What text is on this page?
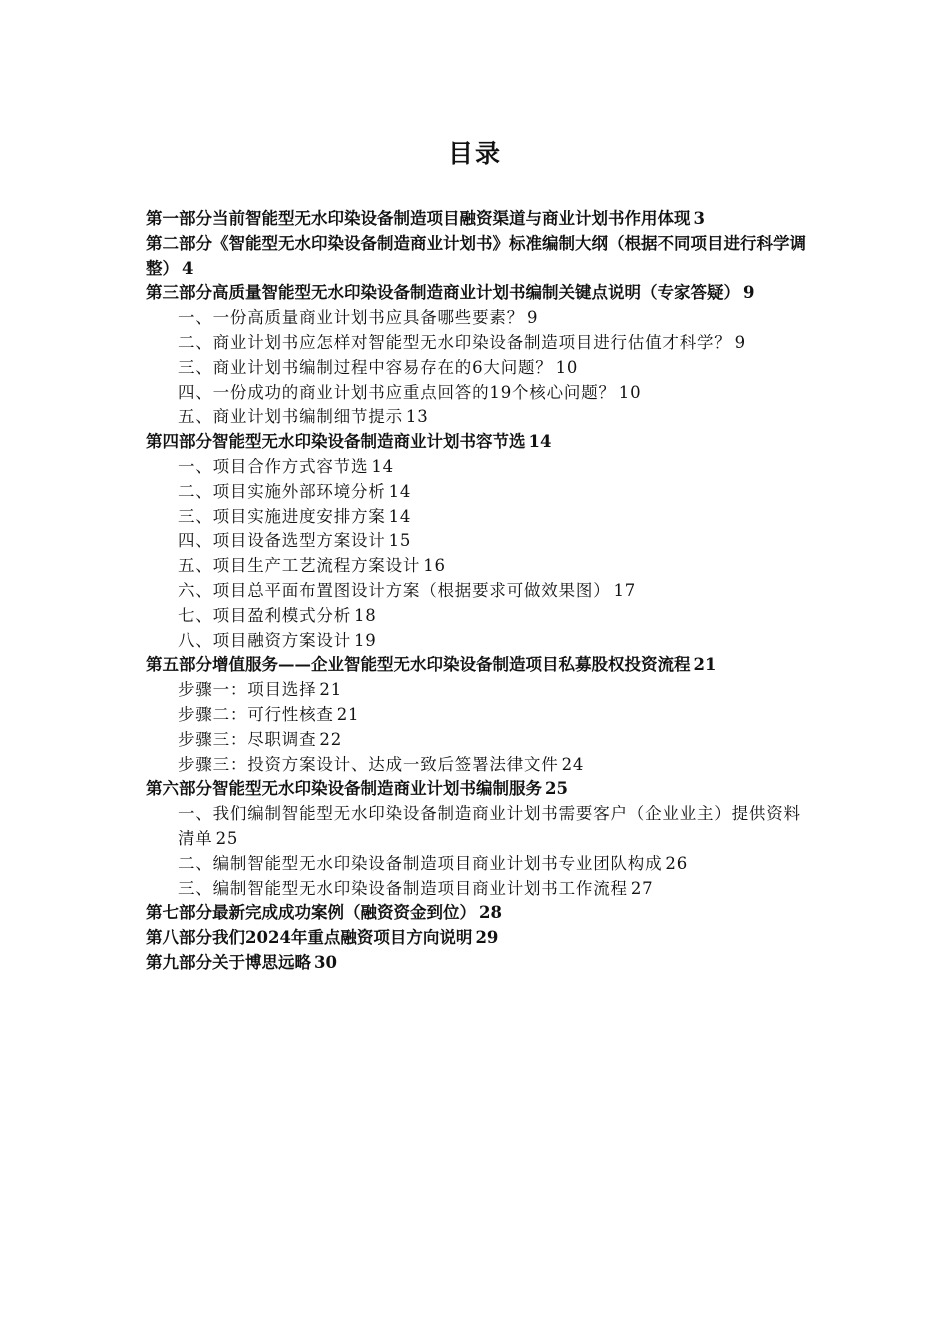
目录
第一部分当前智能型无水印染设备制造项目融资渠道与商业计划书作用体现 3
第二部分《智能型无水印染设备制造商业计划书》标准编制大纲（根据不同项目进行科学调整） 4
第三部分高质量智能型无水印染设备制造商业计划书编制关键点说明（专家答疑） 9
一、一份高质量商业计划书应具备哪些要素？ 9
二、商业计划书应怎样对智能型无水印染设备制造项目进行估值才科学？ 9
三、商业计划书编制过程中容易存在的6大问题？ 10
四、一份成功的商业计划书应重点回答的19个核心问题？ 10
五、商业计划书编制细节提示 13
第四部分智能型无水印染设备制造商业计划书容节选 14
一、项目合作方式容节选 14
二、项目实施外部环境分析 14
三、项目实施进度安排方案 14
四、项目设备选型方案设计 15
五、项目生产工艺流程方案设计 16
六、项目总平面布置图设计方案（根据要求可做效果图） 17
七、项目盈利模式分析 18
八、项目融资方案设计 19
第五部分增值服务——企业智能型无水印染设备制造项目私募股权投资流程 21
步骤一：项目选择 21
步骤二：可行性核查 21
步骤三：尽职调查 22
步骤三：投资方案设计、达成一致后签署法律文件 24
第六部分智能型无水印染设备制造商业计划书编制服务 25
一、我们编制智能型无水印染设备制造商业计划书需要客户（企业业主）提供资料清单 25
二、编制智能型无水印染设备制造项目商业计划书专业团队构成 26
三、编制智能型无水印染设备制造项目商业计划书工作流程 27
第七部分最新完成成功案例（融资资金到位） 28
第八部分我们2024年重点融资项目方向说明 29
第九部分关于博思远略 30
